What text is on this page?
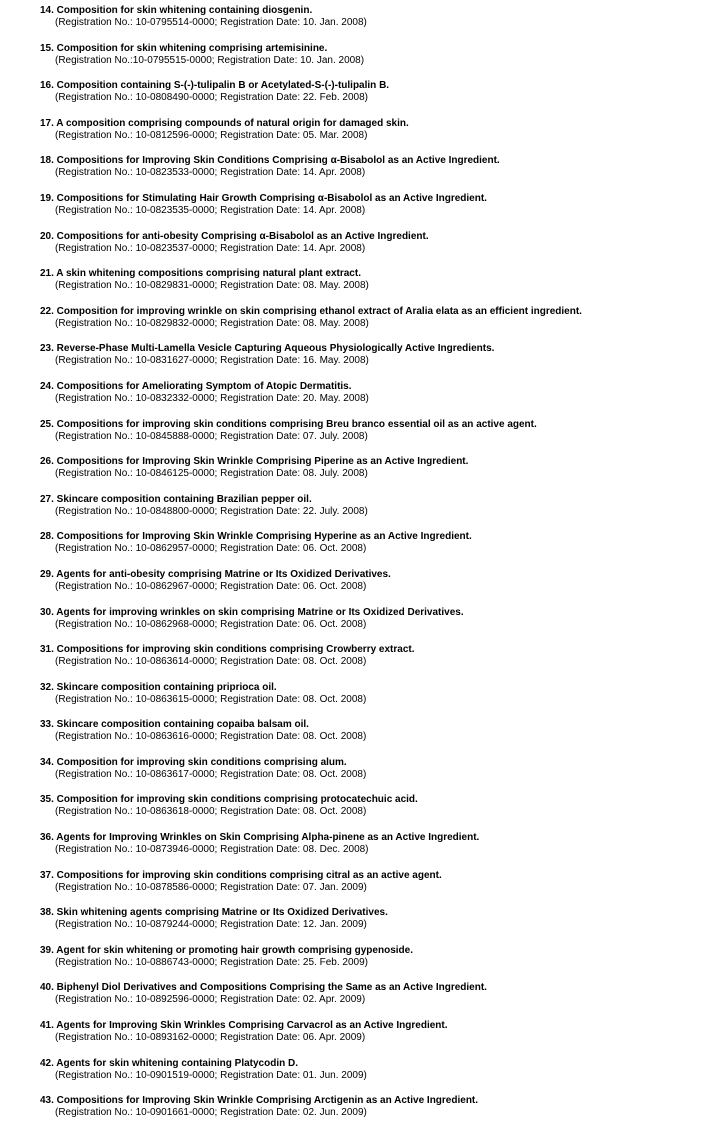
14. Composition for skin whitening containing diosgenin.
(Registration No.: 10-0795514-0000; Registration Date: 10. Jan. 2008)
15. Composition for skin whitening comprising artemisinine.
(Registration No.:10-0795515-0000; Registration Date: 10. Jan. 2008)
16. Composition containing S-(-)-tulipalin B or Acetylated-S-(-)-tulipalin B.
(Registration No.: 10-0808490-0000; Registration Date: 22. Feb. 2008)
17. A composition comprising compounds of natural origin for damaged skin.
(Registration No.: 10-0812596-0000; Registration Date: 05. Mar. 2008)
18. Compositions for Improving Skin Conditions Comprising α-Bisabolol as an Active Ingredient.
(Registration No.: 10-0823533-0000; Registration Date: 14. Apr. 2008)
19. Compositions for Stimulating Hair Growth Comprising α-Bisabolol as an Active Ingredient.
(Registration No.: 10-0823535-0000; Registration Date: 14. Apr. 2008)
20. Compositions for anti-obesity Comprising α-Bisabolol as an Active Ingredient.
(Registration No.: 10-0823537-0000; Registration Date: 14. Apr. 2008)
21. A skin whitening compositions comprising natural plant extract.
(Registration No.: 10-0829831-0000; Registration Date: 08. May. 2008)
22. Composition for improving wrinkle on skin comprising ethanol extract of Aralia elata as an efficient ingredient.
(Registration No.: 10-0829832-0000; Registration Date: 08. May. 2008)
23. Reverse-Phase Multi-Lamella Vesicle Capturing Aqueous Physiologically Active Ingredients.
(Registration No.: 10-0831627-0000; Registration Date: 16. May. 2008)
24. Compositions for Ameliorating Symptom of Atopic Dermatitis.
(Registration No.: 10-0832332-0000; Registration Date: 20. May. 2008)
25. Compositions for improving skin conditions comprising Breu branco essential oil as an active agent.
(Registration No.: 10-0845888-0000; Registration Date: 07. July. 2008)
26. Compositions for Improving Skin Wrinkle Comprising Piperine as an Active Ingredient.
(Registration No.: 10-0846125-0000; Registration Date: 08. July. 2008)
27. Skincare composition containing Brazilian pepper oil.
(Registration No.: 10-0848800-0000; Registration Date: 22. July. 2008)
28. Compositions for Improving Skin Wrinkle Comprising Hyperine as an Active Ingredient.
(Registration No.: 10-0862957-0000; Registration Date: 06. Oct. 2008)
29. Agents for anti-obesity comprising Matrine or Its Oxidized Derivatives.
(Registration No.: 10-0862967-0000; Registration Date: 06. Oct. 2008)
30. Agents for improving wrinkles on skin comprising Matrine or Its Oxidized Derivatives.
(Registration No.: 10-0862968-0000; Registration Date: 06. Oct. 2008)
31. Compositions for improving skin conditions comprising Crowberry extract.
(Registration No.: 10-0863614-0000; Registration Date: 08. Oct. 2008)
32. Skincare composition containing priprioca oil.
(Registration No.: 10-0863615-0000; Registration Date: 08. Oct. 2008)
33. Skincare composition containing copaiba balsam oil.
(Registration No.: 10-0863616-0000; Registration Date: 08. Oct. 2008)
34. Composition for improving skin conditions comprising alum.
(Registration No.: 10-0863617-0000; Registration Date: 08. Oct. 2008)
35. Composition for improving skin conditions comprising protocatechuic acid.
(Registration No.: 10-0863618-0000; Registration Date: 08. Oct. 2008)
36. Agents for Improving Wrinkles on Skin Comprising Alpha-pinene as an Active Ingredient.
(Registration No.: 10-0873946-0000; Registration Date: 08. Dec. 2008)
37. Compositions for improving skin conditions comprising citral as an active agent.
(Registration No.: 10-0878586-0000; Registration Date: 07. Jan. 2009)
38. Skin whitening agents comprising Matrine or Its Oxidized Derivatives.
(Registration No.: 10-0879244-0000; Registration Date: 12. Jan. 2009)
39. Agent for skin whitening or promoting hair growth comprising gypenoside.
(Registration No.: 10-0886743-0000; Registration Date: 25. Feb. 2009)
40. Biphenyl Diol Derivatives and Compositions Comprising the Same as an Active Ingredient.
(Registration No.: 10-0892596-0000; Registration Date: 02. Apr. 2009)
41. Agents for Improving Skin Wrinkles Comprising Carvacrol as an Active Ingredient.
(Registration No.: 10-0893162-0000; Registration Date: 06. Apr. 2009)
42. Agents for skin whitening containing Platycodin D.
(Registration No.: 10-0901519-0000; Registration Date: 01. Jun. 2009)
43. Compositions for Improving Skin Wrinkle Comprising Arctigenin as an Active Ingredient.
(Registration No.: 10-0901661-0000; Registration Date: 02. Jun. 2009)
